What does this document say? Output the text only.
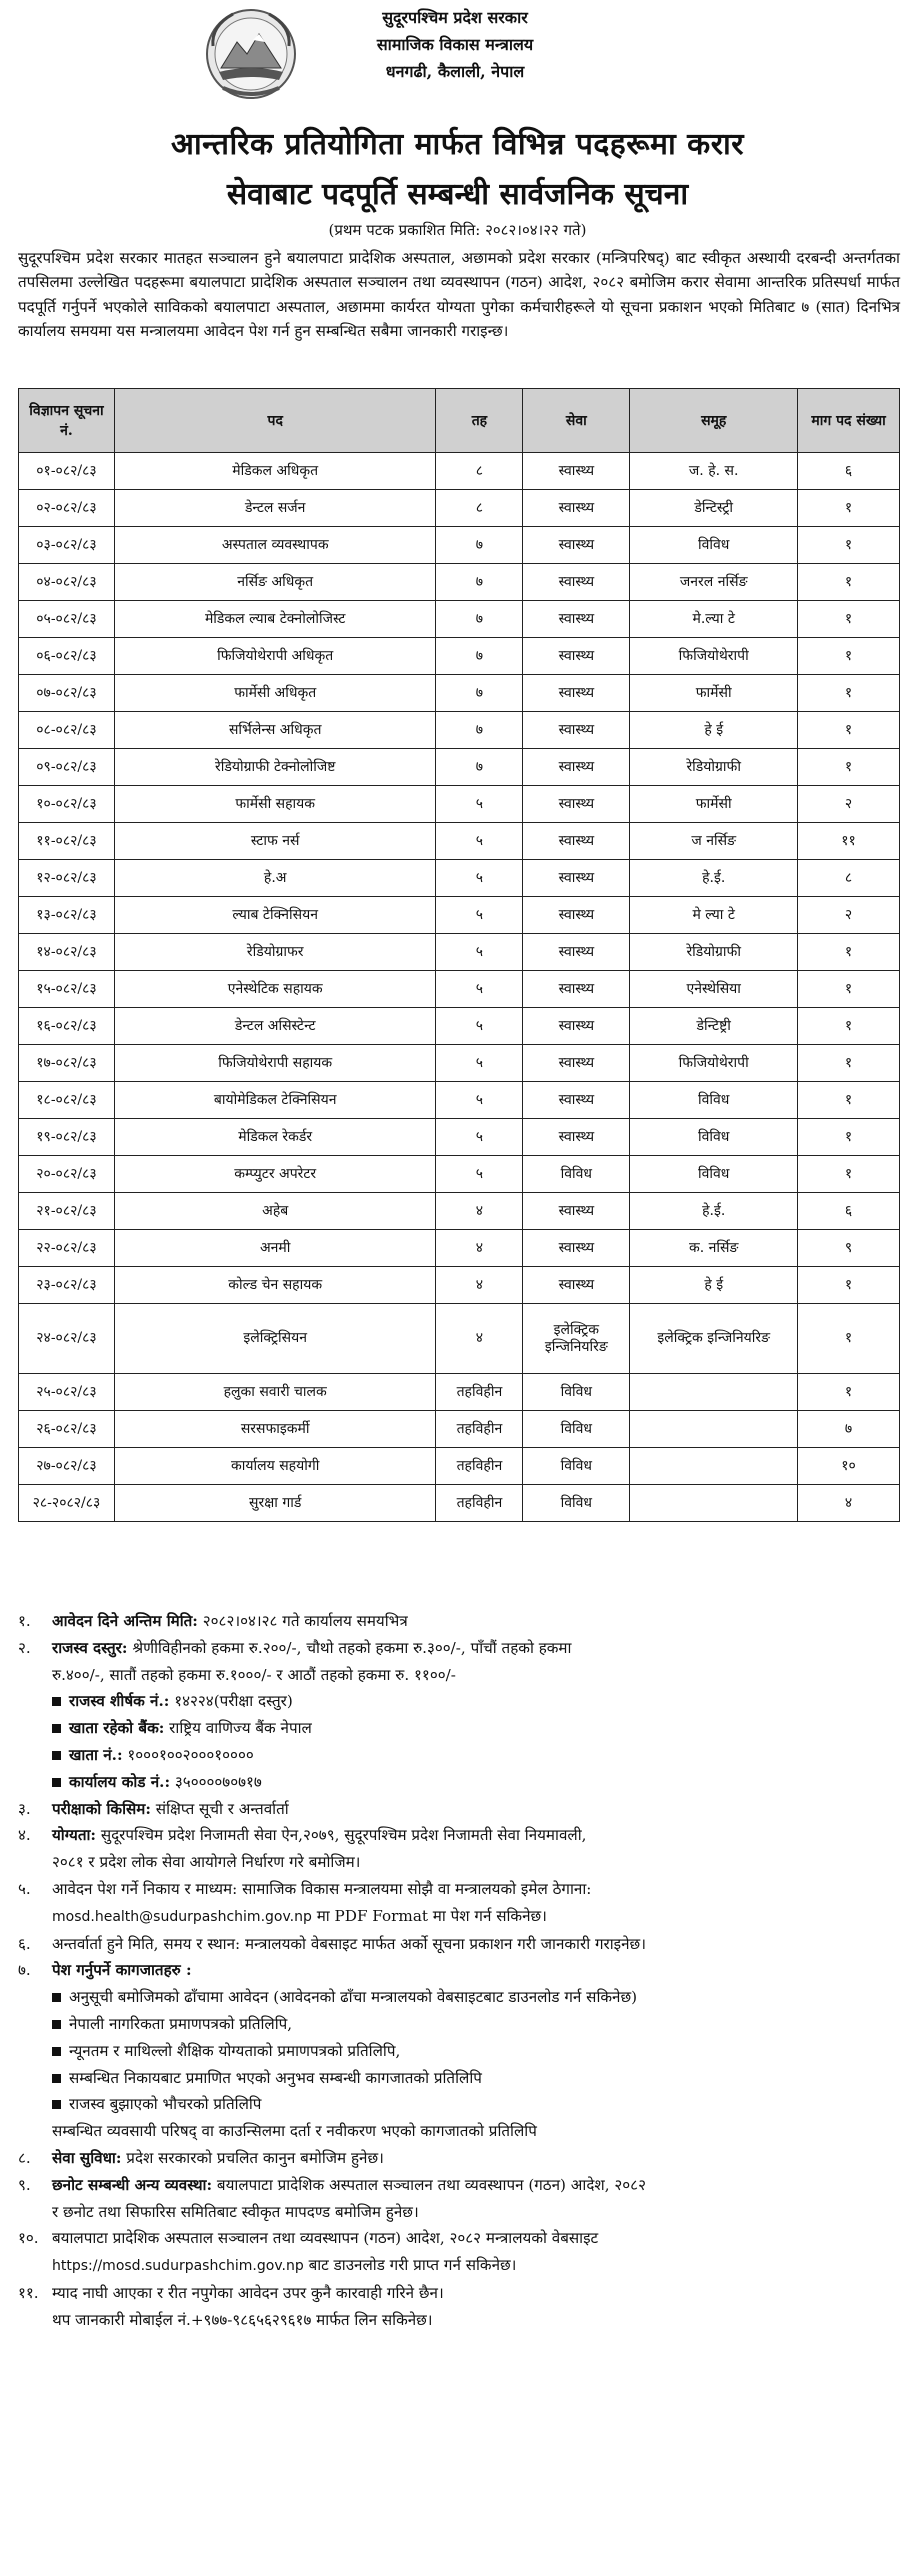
सुदूरपश्चिम प्रदेश सरकार
सामाजिक विकास मन्त्रालय
धनगढी, कैलाली, नेपाल
आन्तरिक प्रतियोगिता मार्फत विभिन्न पदहरूमा करार
सेवाबाट पदपूर्ति सम्बन्धी सार्वजनिक सूचना
(प्रथम पटक प्रकाशित मिति: २०८२।०४।२२ गते)
सुदूरपश्चिम प्रदेश सरकार मातहत सञ्चालन हुने बयालपाटा प्रादेशिक अस्पताल, अछामको प्रदेश सरकार (मन्त्रिपरिषद्) बाट स्वीकृत अस्थायी दरबन्दी अन्तर्गतका तपसिलमा उल्लेखित पदहरूमा बयालपाटा प्रादेशिक अस्पताल सञ्चालन तथा व्यवस्थापन (गठन) आदेश, २०८२ बमोजिम करार सेवामा आन्तरिक प्रतिस्पर्धा मार्फत पदपूर्ति गर्नुपर्ने भएकोले साविकको बयालपाटा अस्पताल, अछाममा कार्यरत योग्यता पुगेका कर्मचारीहरूले यो सूचना प्रकाशन भएको मितिबाट ७ (सात) दिनभित्र कार्यालय समयमा यस मन्त्रालयमा आवेदन पेश गर्न हुन सम्बन्धित सबैमा जानकारी गराइन्छ।
विज्ञापन सूचना नं.	पद	तह	सेवा	समूह	माग पद संख्या
०१-०८२/८३	मेडिकल अधिकृत	८	स्वास्थ्य	ज. हे. स.	६
०२-०८२/८३	डेन्टल सर्जन	८	स्वास्थ्य	डेन्टिस्ट्री	१
०३-०८२/८३	अस्पताल व्यवस्थापक	७	स्वास्थ्य	विविध	१
०४-०८२/८३	नर्सिङ अधिकृत	७	स्वास्थ्य	जनरल नर्सिङ	१
०५-०८२/८३	मेडिकल ल्याब टेक्नोलोजिस्ट	७	स्वास्थ्य	मे.ल्या टे	१
०६-०८२/८३	फिजियोथेरापी अधिकृत	७	स्वास्थ्य	फिजियोथेरापी	१
०७-०८२/८३	फार्मेसी अधिकृत	७	स्वास्थ्य	फार्मेसी	१
०८-०८२/८३	सर्भिलेन्स अधिकृत	७	स्वास्थ्य	हे ई	१
०९-०८२/८३	रेडियोग्राफी टेक्नोलोजिष्ट	७	स्वास्थ्य	रेडियोग्राफी	१
१०-०८२/८३	फार्मेसी सहायक	५	स्वास्थ्य	फार्मेसी	२
११-०८२/८३	स्टाफ नर्स	५	स्वास्थ्य	ज नर्सिङ	११
१२-०८२/८३	हे.अ	५	स्वास्थ्य	हे.ई.	८
१३-०८२/८३	ल्याब टेक्निसियन	५	स्वास्थ्य	मे ल्या टे	२
१४-०८२/८३	रेडियोग्राफर	५	स्वास्थ्य	रेडियोग्राफी	१
१५-०८२/८३	एनेस्थेटिक सहायक	५	स्वास्थ्य	एनेस्थेसिया	१
१६-०८२/८३	डेन्टल असिस्टेन्ट	५	स्वास्थ्य	डेन्टिष्ट्री	१
१७-०८२/८३	फिजियोथेरापी सहायक	५	स्वास्थ्य	फिजियोथेरापी	१
१८-०८२/८३	बायोमेडिकल टेक्निसियन	५	स्वास्थ्य	विविध	१
१९-०८२/८३	मेडिकल रेकर्डर	५	स्वास्थ्य	विविध	१
२०-०८२/८३	कम्प्युटर अपरेटर	५	विविध	विविध	१
२१-०८२/८३	अहेब	४	स्वास्थ्य	हे.ई.	६
२२-०८२/८३	अनमी	४	स्वास्थ्य	क. नर्सिङ	९
२३-०८२/८३	कोल्ड चेन सहायक	४	स्वास्थ्य	हे ई	१
२४-०८२/८३	इलेक्ट्रिसियन	४	इलेक्ट्रिक इन्जिनियरिङ	इलेक्ट्रिक इन्जिनियरिङ	१
२५-०८२/८३	हलुका सवारी चालक	तहविहीन	विविध		१
२६-०८२/८३	सरसफाइकर्मी	तहविहीन	विविध		७
२७-०८२/८३	कार्यालय सहयोगी	तहविहीन	विविध		१०
२८-२०८२/८३	सुरक्षा गार्ड	तहविहीन	विविध		४
१.	आवेदन दिने अन्तिम मिति: २०८२।०४।२८ गते कार्यालय समयभित्र
२.	राजस्व दस्तुर: श्रेणीविहीनको हकमा रु.२००/-, चौथो तहको हकमा रु.३००/-, पाँचौं तहको हकमा
रु.४००/-, सातौं तहको हकमा रु.१०००/- र आठौं तहको हकमा रु. ११००/-
राजस्व शीर्षक नं.: १४२२४(परीक्षा दस्तुर)
खाता रहेको बैंक: राष्ट्रिय वाणिज्य बैंक नेपाल
खाता नं.: १०००१००२०००१००००
कार्यालय कोड नं.: ३५००००७०७१७
३.	परीक्षाको किसिम: संक्षिप्त सूची र अन्तर्वार्ता
४.	योग्यता: सुदूरपश्चिम प्रदेश निजामती सेवा ऐन,२०७९, सुदूरपश्चिम प्रदेश निजामती सेवा नियमावली,
२०८१ र प्रदेश लोक सेवा आयोगले निर्धारण गरे बमोजिम।
५.	आवेदन पेश गर्ने निकाय र माध्यम: सामाजिक विकास मन्त्रालयमा सोझै वा मन्त्रालयको इमेल ठेगाना:
mosd.health@sudurpashchim.gov.np मा PDF Format मा पेश गर्न सकिनेछ।
६.	अन्तर्वार्ता हुने मिति, समय र स्थान: मन्त्रालयको वेबसाइट मार्फत अर्को सूचना प्रकाशन गरी जानकारी गराइनेछ।
७.	पेश गर्नुपर्ने कागजातहरु :
अनुसूची बमोजिमको ढाँचामा आवेदन (आवेदनको ढाँचा मन्त्रालयको वेबसाइटबाट डाउनलोड गर्न सकिनेछ)
नेपाली नागरिकता प्रमाणपत्रको प्रतिलिपि,
न्यूनतम र माथिल्लो शैक्षिक योग्यताको प्रमाणपत्रको प्रतिलिपि,
सम्बन्धित निकायबाट प्रमाणित भएको अनुभव सम्बन्धी कागजातको प्रतिलिपि
राजस्व बुझाएको भौचरको प्रतिलिपि
सम्बन्धित व्यवसायी परिषद् वा काउन्सिलमा दर्ता र नवीकरण भएको कागजातको प्रतिलिपि
८.	सेवा सुविधा: प्रदेश सरकारको प्रचलित कानुन बमोजिम हुनेछ।
९.	छनोट सम्बन्धी अन्य व्यवस्था: बयालपाटा प्रादेशिक अस्पताल सञ्चालन तथा व्यवस्थापन (गठन) आदेश, २०८२
र छनोट तथा सिफारिस समितिबाट स्वीकृत मापदण्ड बमोजिम हुनेछ।
१०. बयालपाटा प्रादेशिक अस्पताल सञ्चालन तथा व्यवस्थापन (गठन) आदेश, २०८२ मन्त्रालयको वेबसाइट
https://mosd.sudurpashchim.gov.np बाट डाउनलोड गरी प्राप्त गर्न सकिनेछ।
११. म्याद नाघी आएका र रीत नपुगेका आवेदन उपर कुनै कारवाही गरिने छैन।
थप जानकारी मोबाईल नं.+९७७-९८६५६२९६१७ मार्फत लिन सकिनेछ।
